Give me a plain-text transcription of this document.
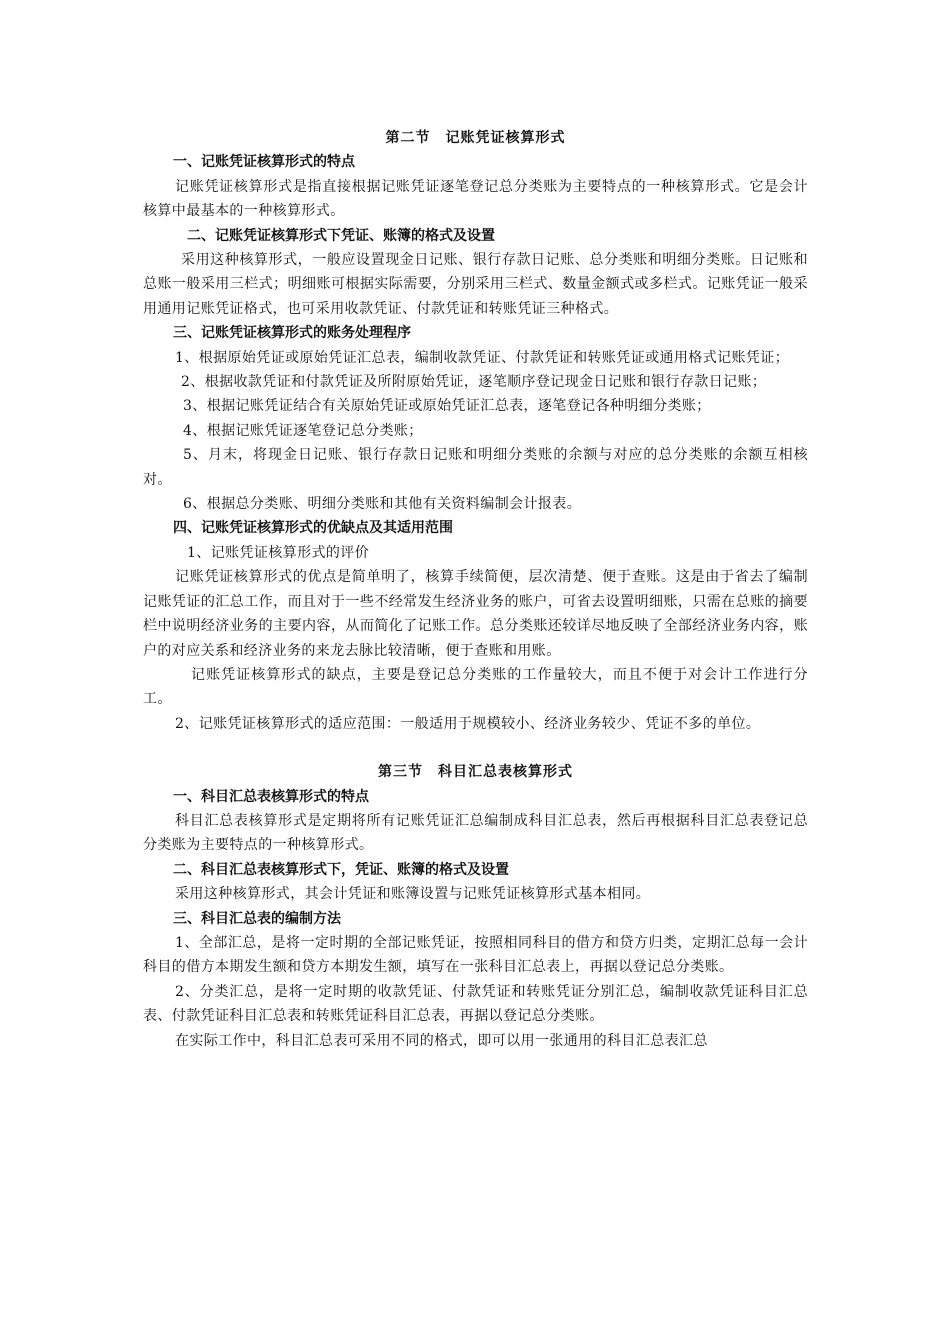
第二节　记账凭证核算形式
一、记账凭证核算形式的特点
记账凭证核算形式是指直接根据记账凭证逐笔登记总分类账为主要特点的一种核算形式。它是会计核算中最基本的一种核算形式。
二、记账凭证核算形式下凭证、账簿的格式及设置
采用这种核算形式，一般应设置现金日记账、银行存款日记账、总分类账和明细分类账。日记账和总账一般采用三栏式；明细账可根据实际需要，分别采用三栏式、数量金额式或多栏式。记账凭证一般采用通用记账凭证格式，也可采用收款凭证、付款凭证和转账凭证三种格式。
三、记账凭证核算形式的账务处理程序
1、根据原始凭证或原始凭证汇总表，编制收款凭证、付款凭证和转账凭证或通用格式记账凭证；
2、根据收款凭证和付款凭证及所附原始凭证，逐笔顺序登记现金日记账和银行存款日记账；
3、根据记账凭证结合有关原始凭证或原始凭证汇总表，逐笔登记各种明细分类账；
4、根据记账凭证逐笔登记总分类账；
5、月末，将现金日记账、银行存款日记账和明细分类账的余额与对应的总分类账的余额互相核对。
6、根据总分类账、明细分类账和其他有关资料编制会计报表。
四、记账凭证核算形式的优缺点及其适用范围
1、记账凭证核算形式的评价
记账凭证核算形式的优点是简单明了，核算手续简便，层次清楚、便于查账。这是由于省去了编制记账凭证的汇总工作，而且对于一些不经常发生经济业务的账户，可省去设置明细账，只需在总账的摘要栏中说明经济业务的主要内容，从而简化了记账工作。总分类账还较详尽地反映了全部经济业务内容，账户的对应关系和经济业务的来龙去脉比较清晰，便于查账和用账。
记账凭证核算形式的缺点，主要是登记总分类账的工作量较大，而且不便于对会计工作进行分工。
2、记账凭证核算形式的适应范围：一般适用于规模较小、经济业务较少、凭证不多的单位。
第三节　科目汇总表核算形式
一、科目汇总表核算形式的特点
科目汇总表核算形式是定期将所有记账凭证汇总编制成科目汇总表，然后再根据科目汇总表登记总分类账为主要特点的一种核算形式。
二、科目汇总表核算形式下，凭证、账簿的格式及设置
采用这种核算形式，其会计凭证和账簿设置与记账凭证核算形式基本相同。
三、科目汇总表的编制方法
1、全部汇总，是将一定时期的全部记账凭证，按照相同科目的借方和贷方归类，定期汇总每一会计科目的借方本期发生额和贷方本期发生额，填写在一张科目汇总表上，再据以登记总分类账。
2、分类汇总，是将一定时期的收款凭证、付款凭证和转账凭证分别汇总，编制收款凭证科目汇总表、付款凭证科目汇总表和转账凭证科目汇总表，再据以登记总分类账。
在实际工作中，科目汇总表可采用不同的格式，即可以用一张通用的科目汇总表汇总
